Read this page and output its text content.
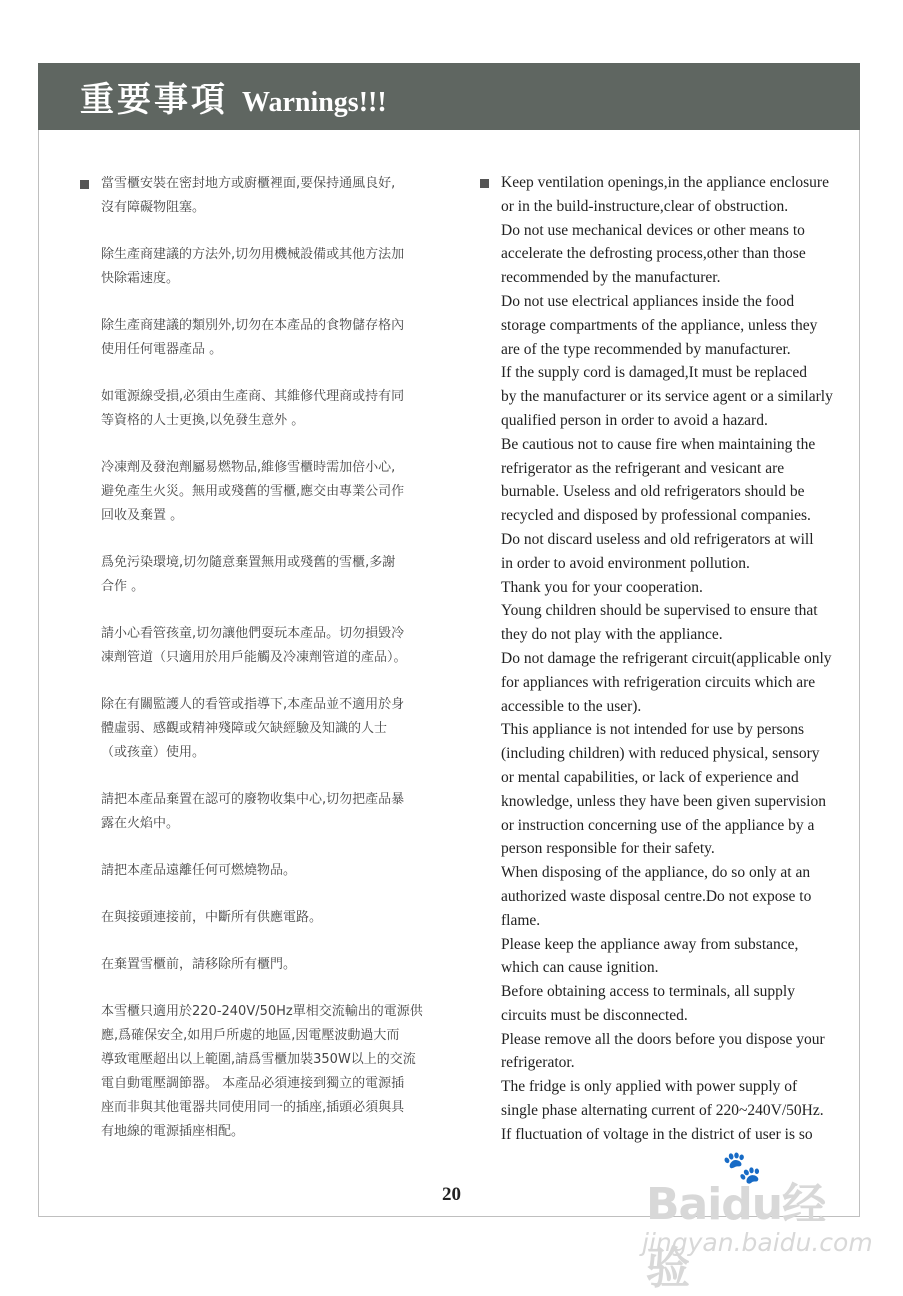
重要事項 Warnings!!!
當雪櫃安裝在密封地方或廚櫃裡面,要保持通風良好,
沒有障礙物阻塞。
除生產商建議的方法外,切勿用機械設備或其他方法加
快除霜速度。
除生產商建議的類別外,切勿在本產品的食物儲存格內
使用任何電器產品 。
如電源線受損,必須由生產商、其維修代理商或持有同
等資格的人士更換,以免發生意外 。
冷凍劑及發泡劑屬易燃物品,維修雪櫃時需加倍小心,
避免產生火災。無用或殘舊的雪櫃,應交由專業公司作
回收及棄置 。
爲免污染環境,切勿隨意棄置無用或殘舊的雪櫃,多謝
合作 。
請小心看管孩童,切勿讓他們耍玩本產品。切勿損毀冷
凍劑管道（只適用於用戶能觸及冷凍劑管道的產品）。
除在有關監護人的看管或指導下,本產品並不適用於身
體虛弱、感觀或精神殘障或欠缺經驗及知識的人士
（或孩童）使用。
請把本產品棄置在認可的廢物收集中心,切勿把產品暴
露在火焰中。
請把本產品遠離任何可燃燒物品。
在與接頭連接前，中斷所有供應電路。
在棄置雪櫃前，請移除所有櫃門。
本雪櫃只適用於220-240V/50Hz單相交流輸出的電源供
應,爲確保安全,如用戶所處的地區,因電壓波動過大而
導致電壓超出以上範圍,請爲雪櫃加裝350W以上的交流
電自動電壓調節器。 本產品必須連接到獨立的電源插
座而非與其他電器共同使用同一的插座,插頭必須與具
有地線的電源插座相配。
Keep ventilation openings,in the appliance enclosure
or in the build-instructure,clear of obstruction.
Do not use mechanical devices or other means to
accelerate the defrosting process,other than those
recommended by the manufacturer.
Do not use electrical appliances inside the food
storage compartments of the appliance, unless they
are of the type recommended by manufacturer.
If the supply cord is damaged,It must be replaced
by the manufacturer or its service agent or a similarly
qualified person in order to avoid a hazard.
Be cautious not to cause fire when maintaining the
refrigerator as the refrigerant and vesicant are
burnable. Useless and old refrigerators should be
recycled and disposed by professional companies.
Do not discard useless and old refrigerators at will
in order to avoid environment pollution.
Thank you for your cooperation.
Young children should be supervised to ensure that
they do not play with the appliance.
Do not damage the refrigerant circuit(applicable only
for appliances with refrigeration circuits which are
accessible to the user).
This appliance is not intended for use by persons
(including children) with reduced physical, sensory
or mental capabilities, or lack of experience and
knowledge, unless they have been given supervision
or instruction concerning use of the appliance by a
person responsible for their safety.
When disposing of the appliance, do so only at an
authorized waste disposal centre.Do not expose to
flame.
Please keep the appliance away from substance,
which can cause ignition.
Before obtaining access to terminals, all supply
circuits must be disconnected.
Please remove all the doors before you dispose your
refrigerator.
The fridge is only applied with power supply of
single phase alternating current of 220~240V/50Hz.
If fluctuation of voltage in the district of user is so
20
🐾
Baidu经验
jingyan.baidu.com
